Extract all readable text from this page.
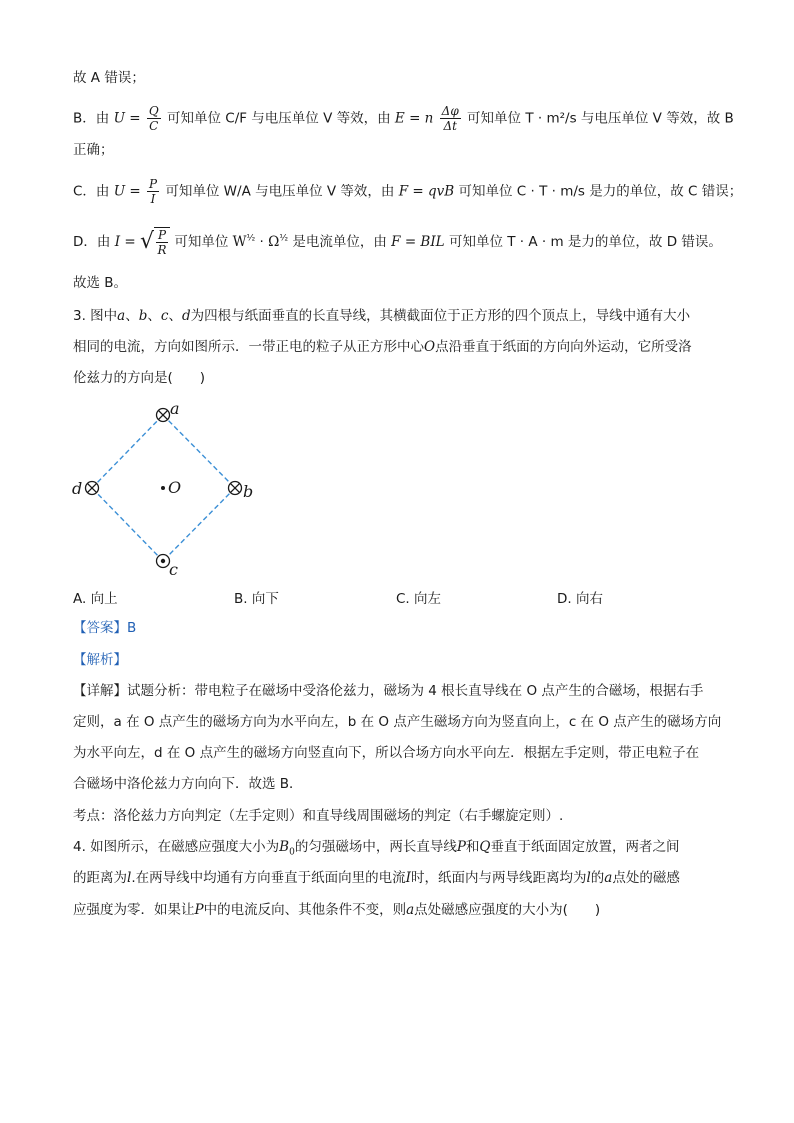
故 A 错误；
B．由 $U = \frac{Q}{C}$ 可知单位 C/F 与电压单位 V 等效，由 E = n $\frac{\Delta\varphi}{\Delta t}$ 可知单位 T · m²/s 与电压单位 V 等效，故 B
正确；
C．由 $U = \frac{P}{I}$ 可知单位 W/A 与电压单位 V 等效，由 F = qvB 可知单位 C · T · m/s 是力的单位，故 C 错误；
D．由 I = √ $\frac{P}{R}$ 可知单位 $W^{\frac{1}{2}} \cdot \Omega^{\frac{1}{2}}$ 是电流单位，由 F = BIL 可知单位 T · A · m 是力的单位，故 D 错误。
故选 B。
3. 图中a、b、c、d为四根与纸面垂直的长直导线，其横截面位于正方形的四个顶点上，导线中通有大小
相同的电流，方向如图所示．一带正电的粒子从正方形中心O点沿垂直于纸面的方向向外运动，它所受洛
伦兹力的方向是(　　)
a
b
d
c
O
A. 向上	B. 向下	C. 向左	D. 向右
【答案】B
【解析】
【详解】试题分析：带电粒子在磁场中受洛伦兹力，磁场为 4 根长直导线在 O 点产生的合磁场，根据右手
定则，a 在 O 点产生的磁场方向为水平向左，b 在 O 点产生磁场方向为竖直向上，c 在 O 点产生的磁场方向
为水平向左，d 在 O 点产生的磁场方向竖直向下，所以合场方向水平向左．根据左手定则，带正电粒子在
合磁场中洛伦兹力方向向下．故选 B．
考点：洛伦兹力方向判定（左手定则）和直导线周围磁场的判定（右手螺旋定则）.
4. 如图所示，在磁感应强度大小为$B_0$的匀强磁场中，两长直导线P和Q垂直于纸面固定放置，两者之间
的距离为l.在两导线中均通有方向垂直于纸面向里的电流I时，纸面内与两导线距离均为l的a点处的磁感
应强度为零．如果让P中的电流反向、其他条件不变，则a点处磁感应强度的大小为(　　)
